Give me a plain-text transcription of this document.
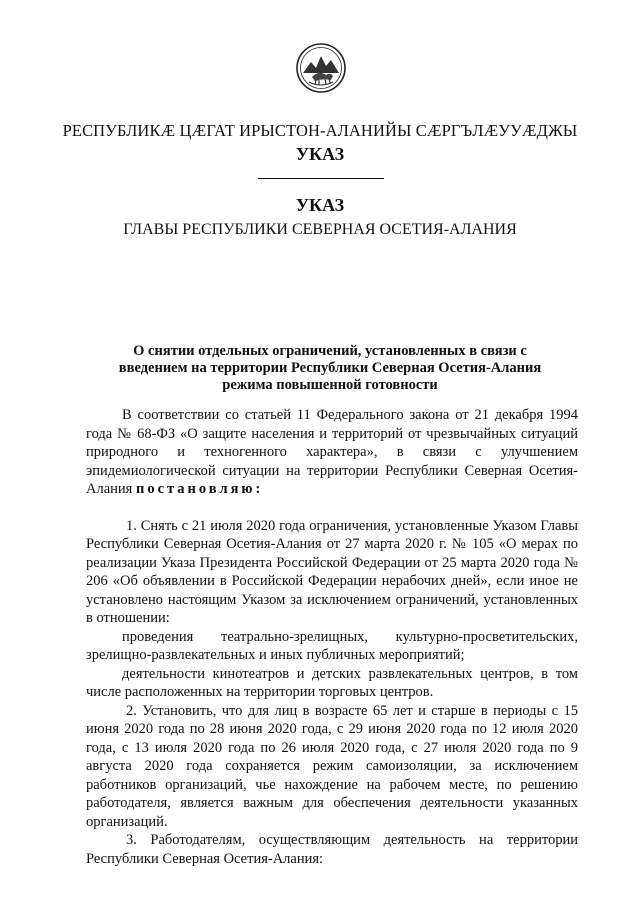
РЕСПУБЛИКӔ ЦӔГАТ ИРЫСТОН-АЛАНИЙЫ СӔРГЪЛӔУУӔДЖЫ
УКАЗ
УКАЗ
ГЛАВЫ РЕСПУБЛИКИ СЕВЕРНАЯ ОСЕТИЯ-АЛАНИЯ
О снятии отдельных ограничений, установленных в связи с
введением на территории Республики Северная Осетия-Алания
режима повышенной готовности

В соответствии со статьей 11 Федерального закона от 21 декабря 1994 года № 68-ФЗ «О защите населения и территорий от чрезвычайных ситуаций природного и техногенного характера», в связи с улучшением эпидемиологической ситуации на территории Республики Северная Осетия-Алания постановляю:

1. Снять с 21 июля 2020 года ограничения, установленные Указом Главы Республики Северная Осетия-Алания от 27 марта 2020 г. № 105 «О мерах по реализации Указа Президента Российской Федерации от 25 марта 2020 года № 206 «Об объявлении в Российской Федерации нерабочих дней», если иное не установлено настоящим Указом за исключением ограничений, установленных в отношении:

проведения театрально-зрелищных, культурно-просветительских, зрелищно-развлекательных и иных публичных мероприятий;

деятельности кинотеатров и детских развлекательных центров, в том числе расположенных на территории торговых центров.

2. Установить, что для лиц в возрасте 65 лет и старше в периоды с 15 июня 2020 года по 28 июня 2020 года, с 29 июня 2020 года по 12 июля 2020 года, с 13 июля 2020 года по 26 июля 2020 года, с 27 июля 2020 года по 9 августа 2020 года сохраняется режим самоизоляции, за исключением работников организаций, чье нахождение на рабочем месте, по решению работодателя, является важным для обеспечения деятельности указанных организаций.

3. Работодателям, осуществляющим деятельность на территории Республики Северная Осетия-Алания:
